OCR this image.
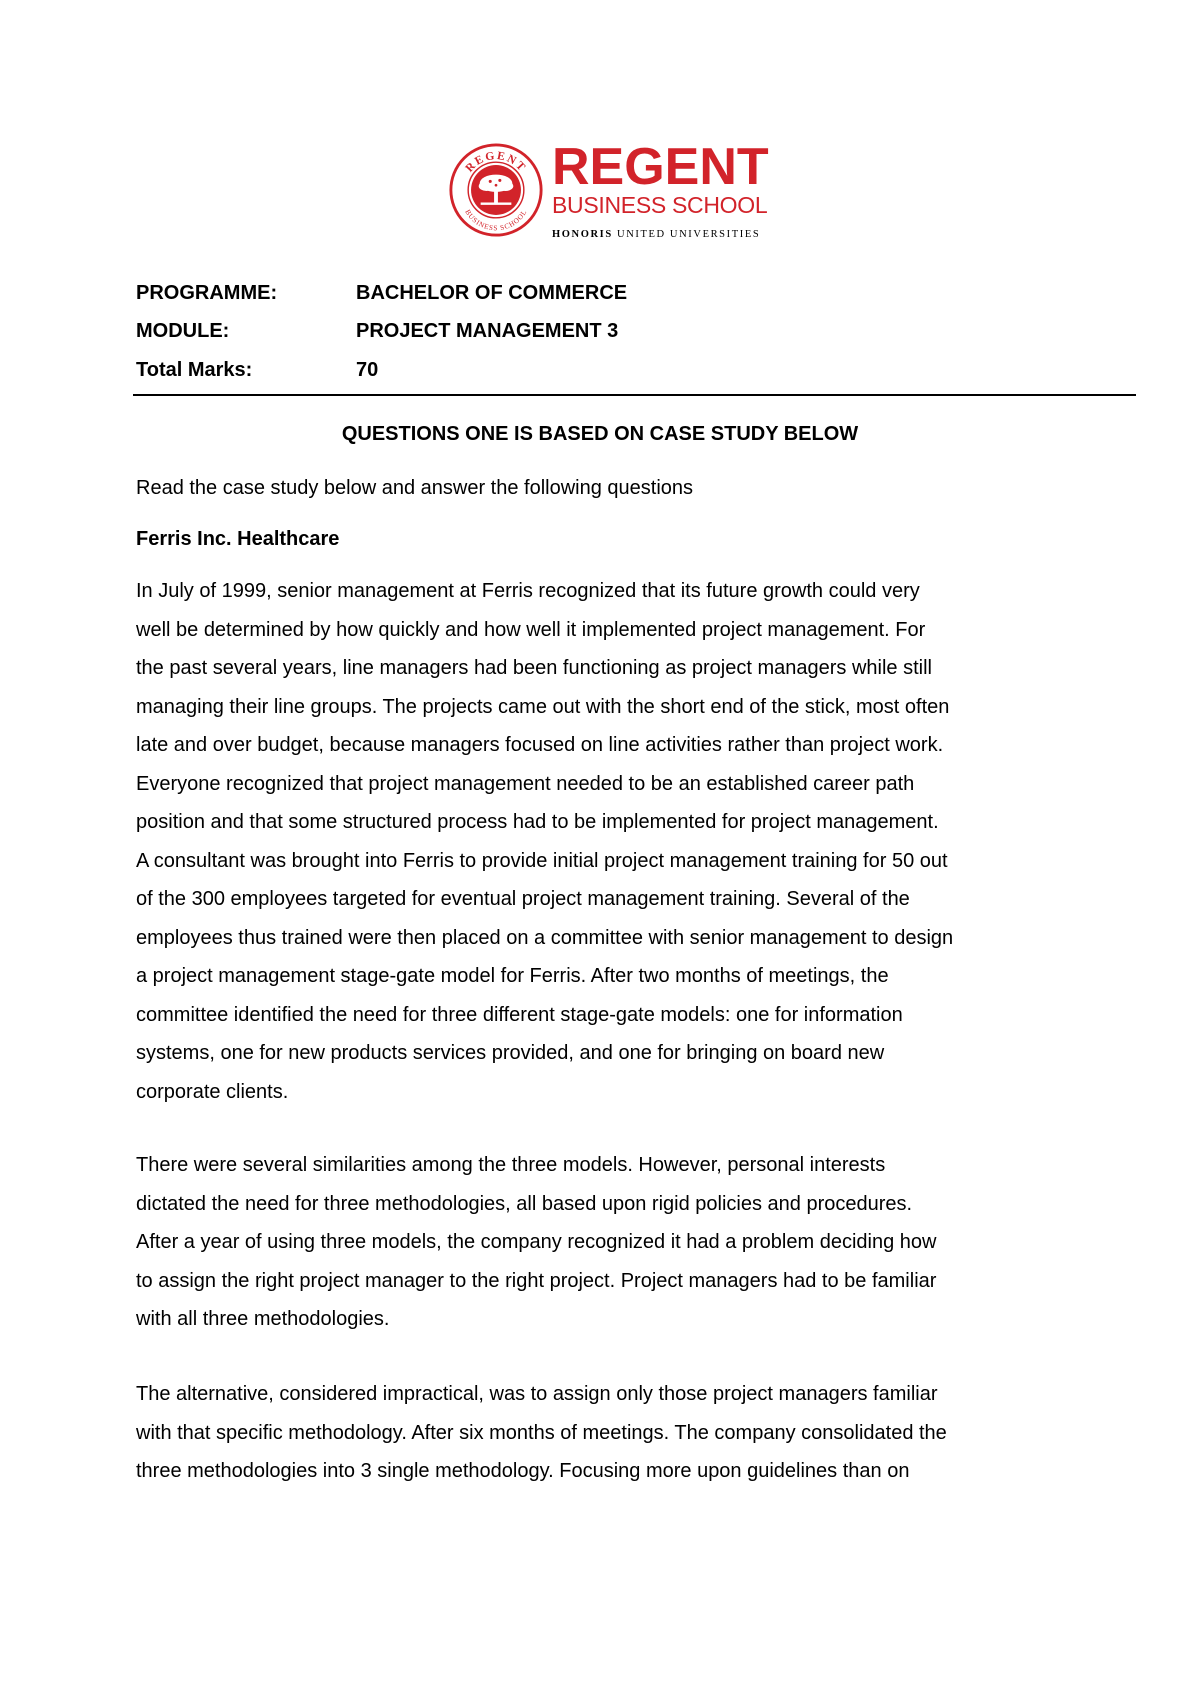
REGENT
BUSINESS SCHOOL
REGENT
BUSINESS SCHOOL
HONORIS UNITED UNIVERSITIES
PROGRAMME:	BACHELOR OF COMMERCE
MODULE:	PROJECT MANAGEMENT 3
Total Marks:	70
QUESTIONS ONE IS BASED ON CASE STUDY BELOW
Read the case study below and answer the following questions
Ferris Inc. Healthcare

In July of 1999, senior management at Ferris recognized that its future growth could very
well be determined by how quickly and how well it implemented project management. For
the past several years, line managers had been functioning as project managers while still
managing their line groups. The projects came out with the short end of the stick, most often
late and over budget, because managers focused on line activities rather than project work.
Everyone recognized that project management needed to be an established career path
position and that some structured process had to be implemented for project management.
A consultant was brought into Ferris to provide initial project management training for 50 out
of the 300 employees targeted for eventual project management training. Several of the
employees thus trained were then placed on a committee with senior management to design
a project management stage-gate model for Ferris. After two months of meetings, the
committee identified the need for three different stage-gate models: one for information
systems, one for new products services provided, and one for bringing on board new
corporate clients.

There were several similarities among the three models. However, personal interests
dictated the need for three methodologies, all based upon rigid policies and procedures.
After a year of using three models, the company recognized it had a problem deciding how
to assign the right project manager to the right project. Project managers had to be familiar
with all three methodologies.

The alternative, considered impractical, was to assign only those project managers familiar
with that specific methodology. After six months of meetings. The company consolidated the
three methodologies into 3 single methodology. Focusing more upon guidelines than on
